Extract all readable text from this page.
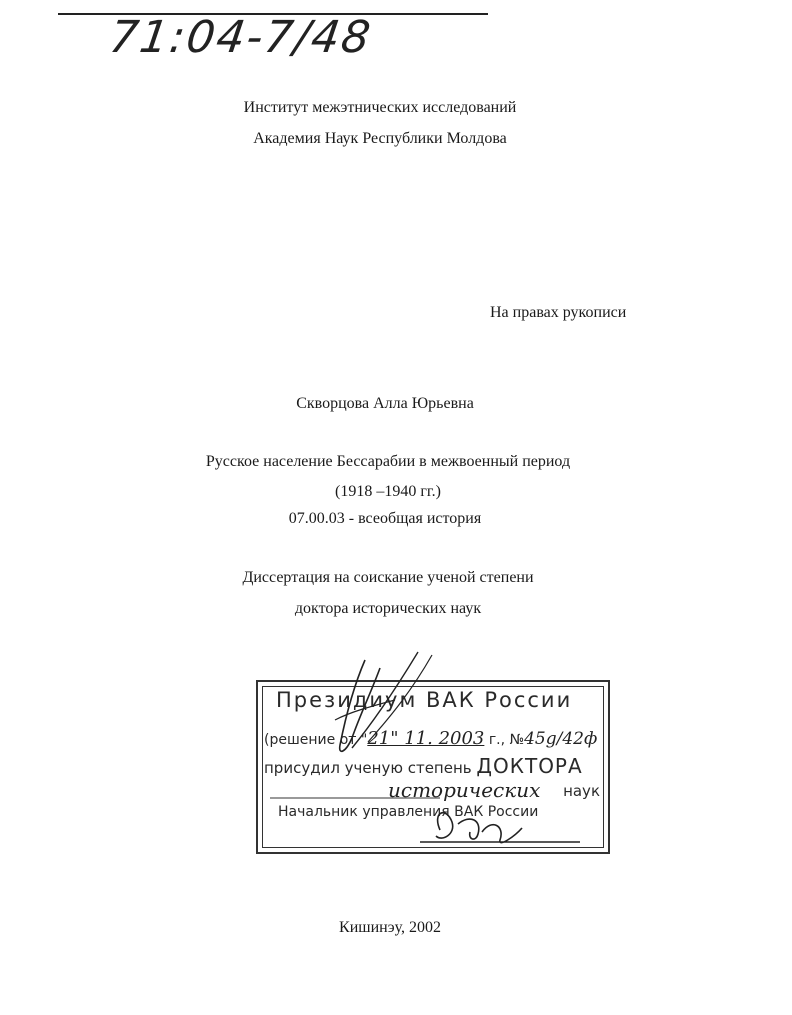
71:04-7/48
Институт межэтнических исследований
Академия Наук Республики Молдова
На правах рукописи
Скворцова Алла Юрьевна
Русское население Бессарабии в межвоенный период
(1918 –1940 гг.)
07.00.03 - всеобщая история
Диссертация на соискание ученой степени
доктора исторических наук
Президиум ВАК России
(решение от "21" 11. 2003 г., №45g/42ф
присудил ученую степень ДОКТОРА
исторических наук
Начальник управления ВАК России
Кишинэу, 2002
